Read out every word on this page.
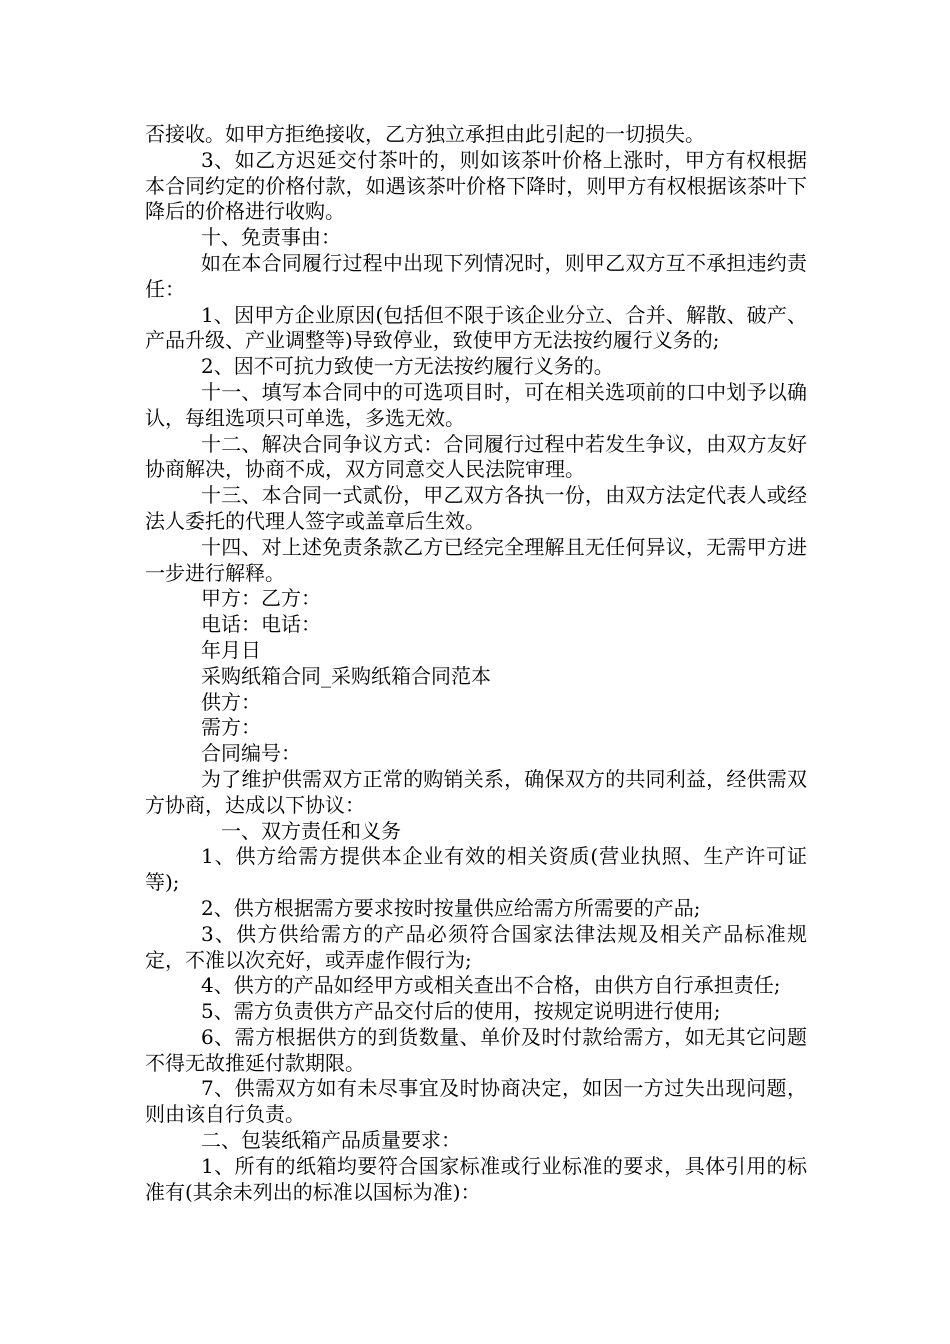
否接收。如甲方拒绝接收，乙方独立承担由此引起的一切损失。

3、如乙方迟延交付茶叶的，则如该茶叶价格上涨时，甲方有权根据本合同约定的价格付款，如遇该茶叶价格下降时，则甲方有权根据该茶叶下降后的价格进行收购。

十、免责事由：

如在本合同履行过程中出现下列情况时，则甲乙双方互不承担违约责任：

1、因甲方企业原因(包括但不限于该企业分立、合并、解散、破产、产品升级、产业调整等)导致停业，致使甲方无法按约履行义务的;

2、因不可抗力致使一方无法按约履行义务的。

十一、填写本合同中的可选项目时，可在相关选项前的口中划予以确认，每组选项只可单选，多选无效。

十二、解决合同争议方式：合同履行过程中若发生争议，由双方友好协商解决，协商不成，双方同意交人民法院审理。

十三、本合同一式贰份，甲乙双方各执一份，由双方法定代表人或经法人委托的代理人签字或盖章后生效。

十四、对上述免责条款乙方已经完全理解且无任何异议，无需甲方进一步进行解释。

甲方：乙方：

电话：电话：

年月日

采购纸箱合同_采购纸箱合同范本

供方：

需方：

合同编号：

为了维护供需双方正常的购销关系，确保双方的共同利益，经供需双方协商，达成以下协议：

一、双方责任和义务

1、供方给需方提供本企业有效的相关资质(营业执照、生产许可证等);

2、供方根据需方要求按时按量供应给需方所需要的产品;

3、供方供给需方的产品必须符合国家法律法规及相关产品标准规定，不准以次充好，或弄虚作假行为;

4、供方的产品如经甲方或相关查出不合格，由供方自行承担责任;

5、需方负责供方产品交付后的使用，按规定说明进行使用;

6、需方根据供方的到货数量、单价及时付款给需方，如无其它问题不得无故推延付款期限。

7、供需双方如有未尽事宜及时协商决定，如因一方过失出现问题，则由该自行负责。

二、包装纸箱产品质量要求：

1、所有的纸箱均要符合国家标准或行业标准的要求，具体引用的标准有(其余未列出的标准以国标为准)：
